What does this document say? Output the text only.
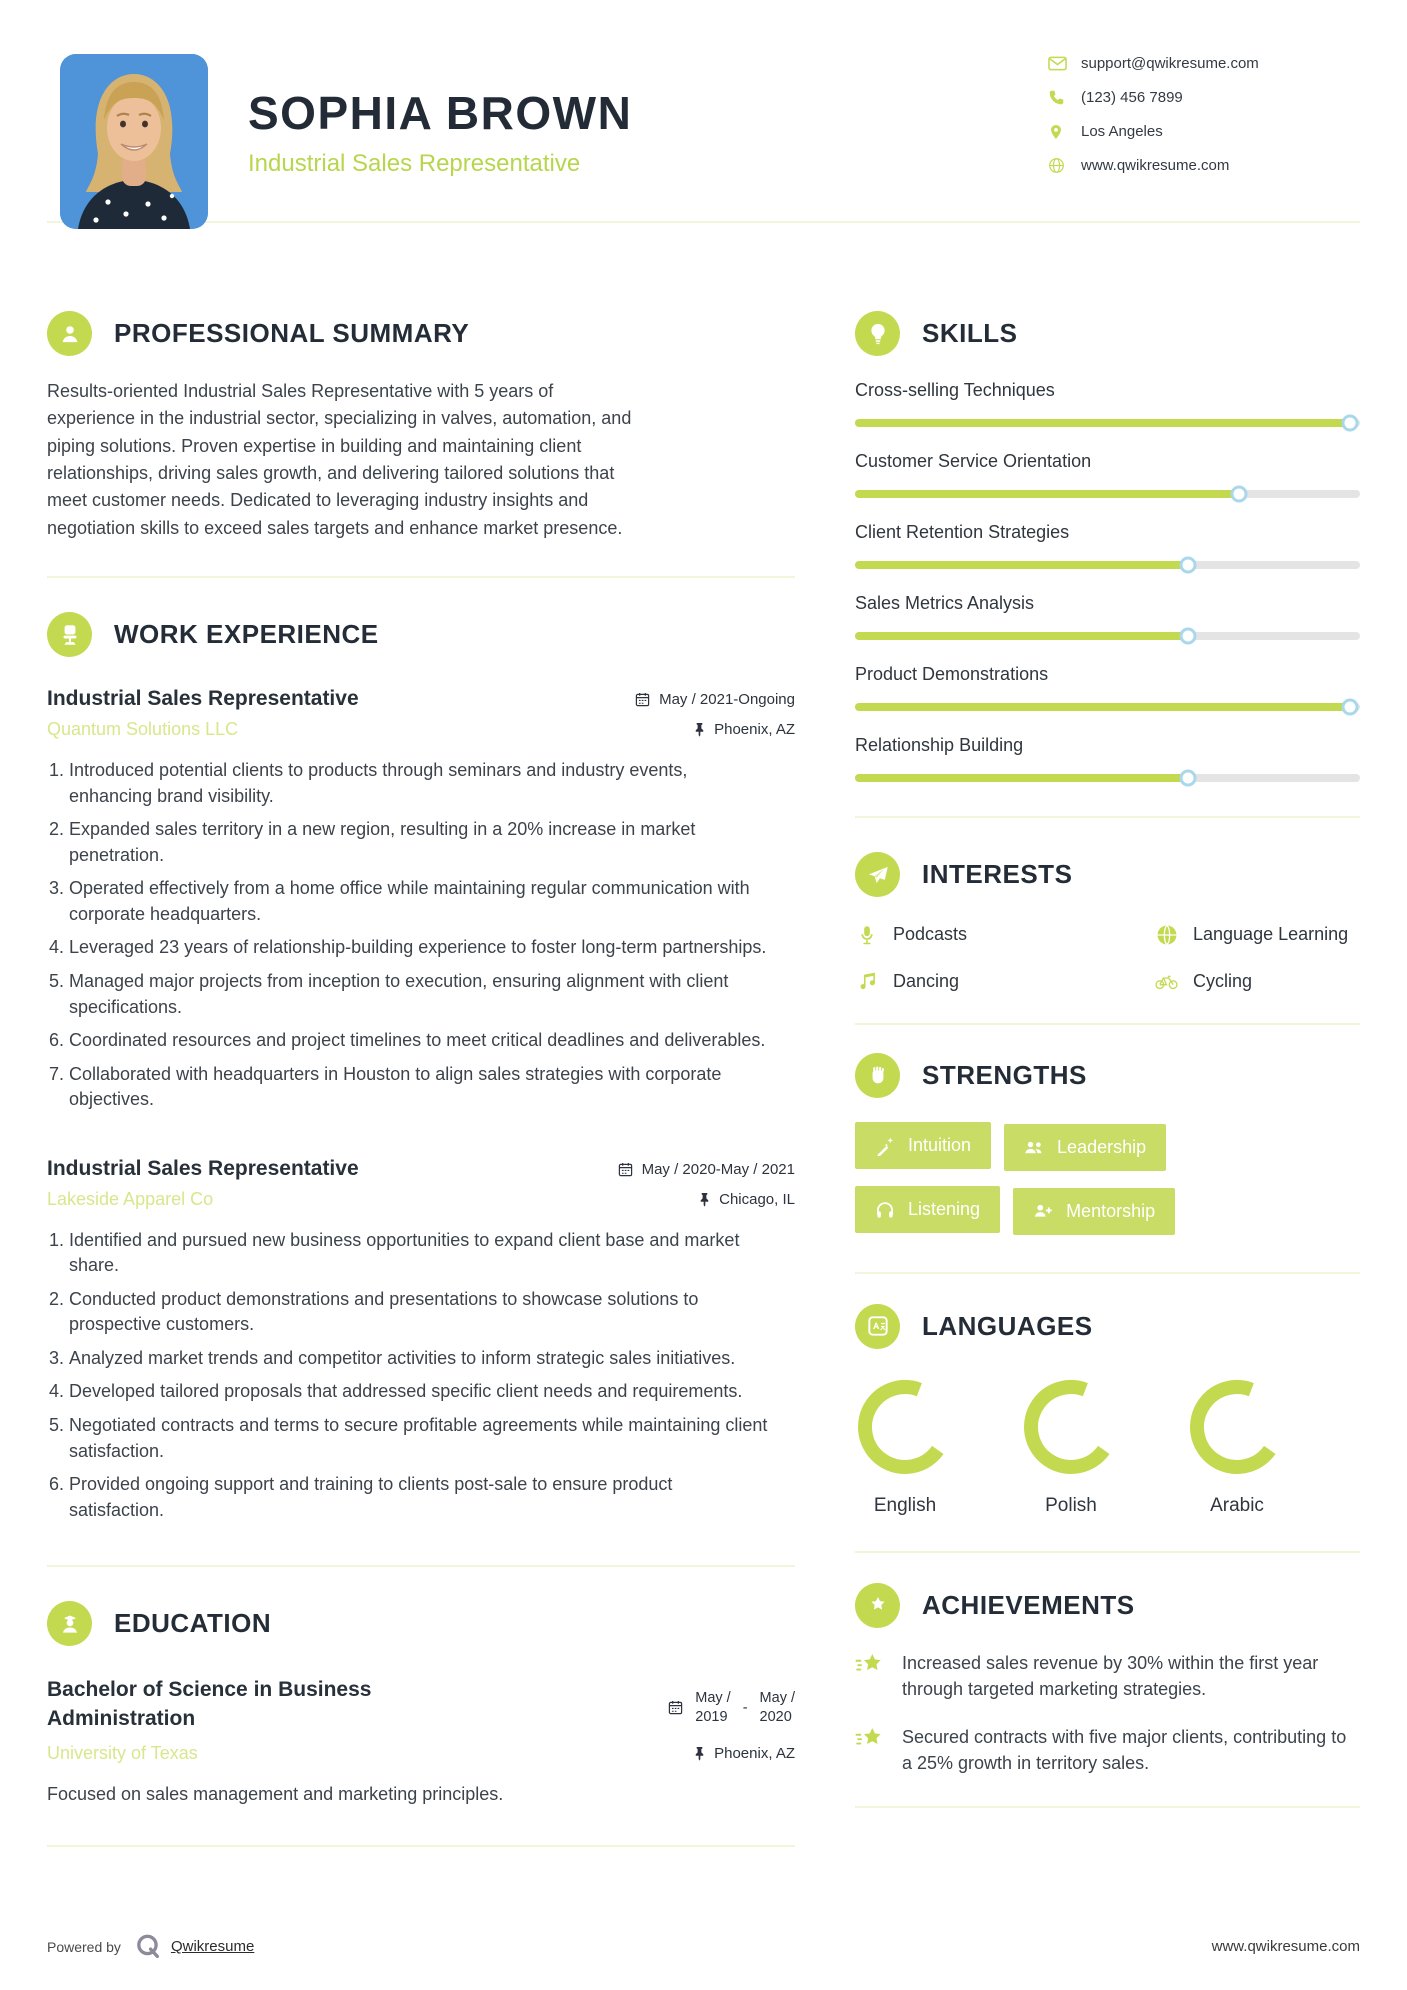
SOPHIA BROWN
Industrial Sales Representative
support@qwikresume.com
(123) 456 7899
Los Angeles
www.qwikresume.com
PROFESSIONAL SUMMARY

Results-oriented Industrial Sales Representative with 5 years of experience in the industrial sector, specializing in valves, automation, and piping solutions. Proven expertise in building and maintaining client relationships, driving sales growth, and delivering tailored solutions that meet customer needs. Dedicated to leveraging industry insights and negotiation skills to exceed sales targets and enhance market presence.

WORK EXPERIENCE
Industrial Sales Representative	May / 2021-Ongoing
Quantum Solutions LLC	Phoenix, AZ
1. Introduced potential clients to products through seminars and industry events, enhancing brand visibility.
2. Expanded sales territory in a new region, resulting in a 20% increase in market penetration.
3. Operated effectively from a home office while maintaining regular communication with corporate headquarters.
4. Leveraged 23 years of relationship-building experience to foster long-term partnerships.
5. Managed major projects from inception to execution, ensuring alignment with client specifications.
6. Coordinated resources and project timelines to meet critical deadlines and deliverables.
7. Collaborated with headquarters in Houston to align sales strategies with corporate objectives.
Industrial Sales Representative	May / 2020-May / 2021
Lakeside Apparel Co	Chicago, IL
1. Identified and pursued new business opportunities to expand client base and market share.
2. Conducted product demonstrations and presentations to showcase solutions to prospective customers.
3. Analyzed market trends and competitor activities to inform strategic sales initiatives.
4. Developed tailored proposals that addressed specific client needs and requirements.
5. Negotiated contracts and terms to secure profitable agreements while maintaining client satisfaction.
6. Provided ongoing support and training to clients post-sale to ensure product satisfaction.
EDUCATION
Bachelor of Science in Business Administration
May /
2019
-
May /
2020
University of Texas	Phoenix, AZ

Focused on sales management and marketing principles.

SKILLS
Cross-selling Techniques
Customer Service Orientation
Client Retention Strategies
Sales Metrics Analysis
Product Demonstrations
Relationship Building
INTERESTS
Podcasts	Language Learning
Dancing	Cycling
STRENGTHS
Intuition	Leadership

Listening	Mentorship
LANGUAGES
English	Polish	Arabic
ACHIEVEMENTS
Increased sales revenue by 30% within the first year through targeted marketing strategies.
Secured contracts with five major clients, contributing to a 25% growth in territory sales.
Powered by	Qwikresume	www.qwikresume.com
